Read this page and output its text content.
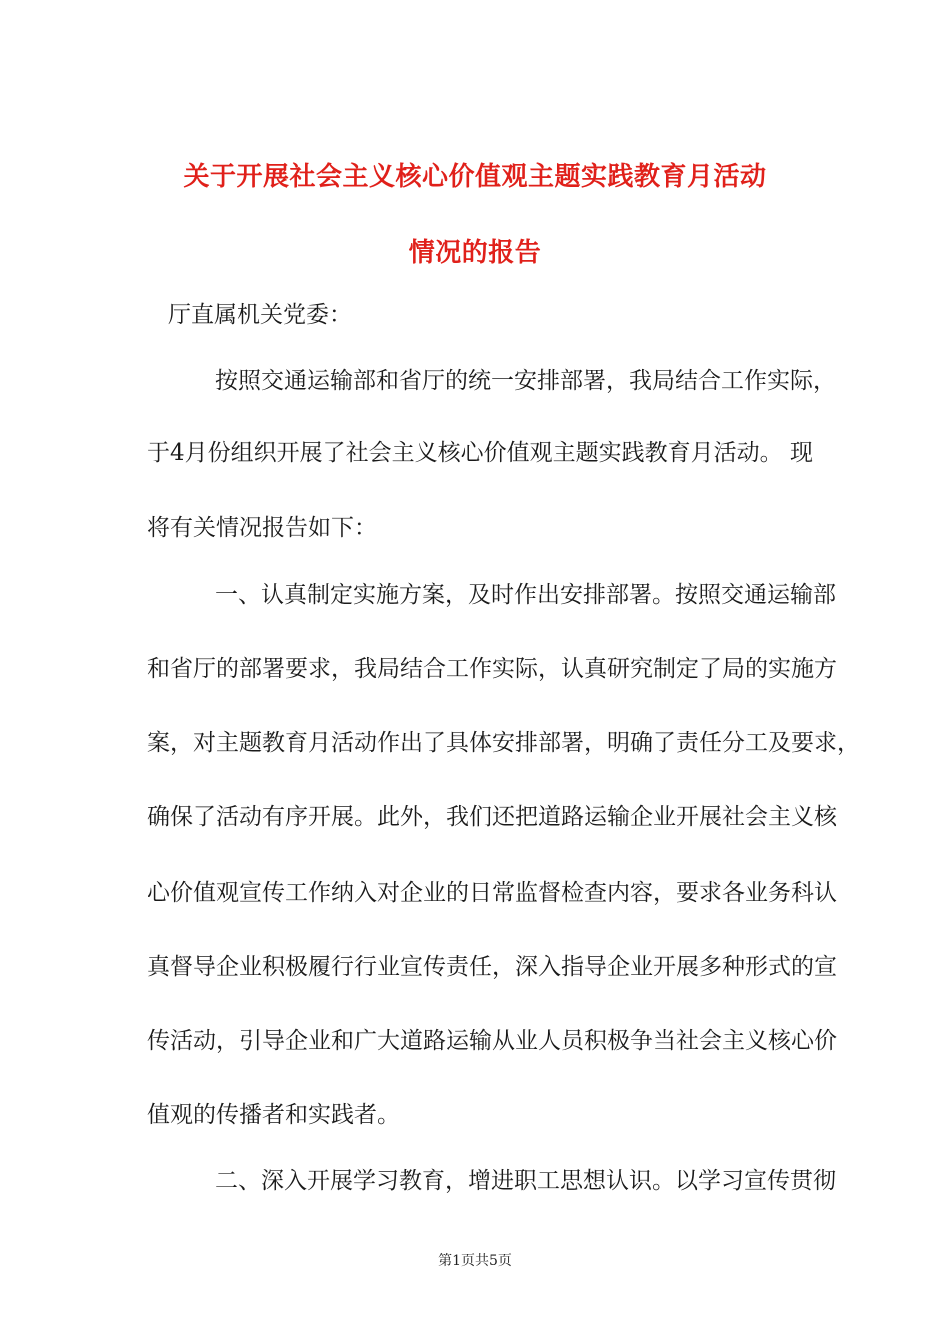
关于开展社会主义核心价值观主题实践教育月活动
情况的报告
厅直属机关党委：
按照交通运输部和省厅的统一安排部署，我局结合工作实际，
于4月份组织开展了社会主义核心价值观主题实践教育月活动。 现
将有关情况报告如下：
一、认真制定实施方案，及时作出安排部署。按照交通运输部
和省厅的部署要求，我局结合工作实际，认真研究制定了局的实施方
案，对主题教育月活动作出了具体安排部署，明确了责任分工及要求，
确保了活动有序开展。此外，我们还把道路运输企业开展社会主义核
心价值观宣传工作纳入对企业的日常监督检查内容，要求各业务科认
真督导企业积极履行行业宣传责任，深入指导企业开展多种形式的宣
传活动，引导企业和广大道路运输从业人员积极争当社会主义核心价
值观的传播者和实践者。
二、深入开展学习教育，增进职工思想认识。以学习宣传贯彻
第1页共5页
